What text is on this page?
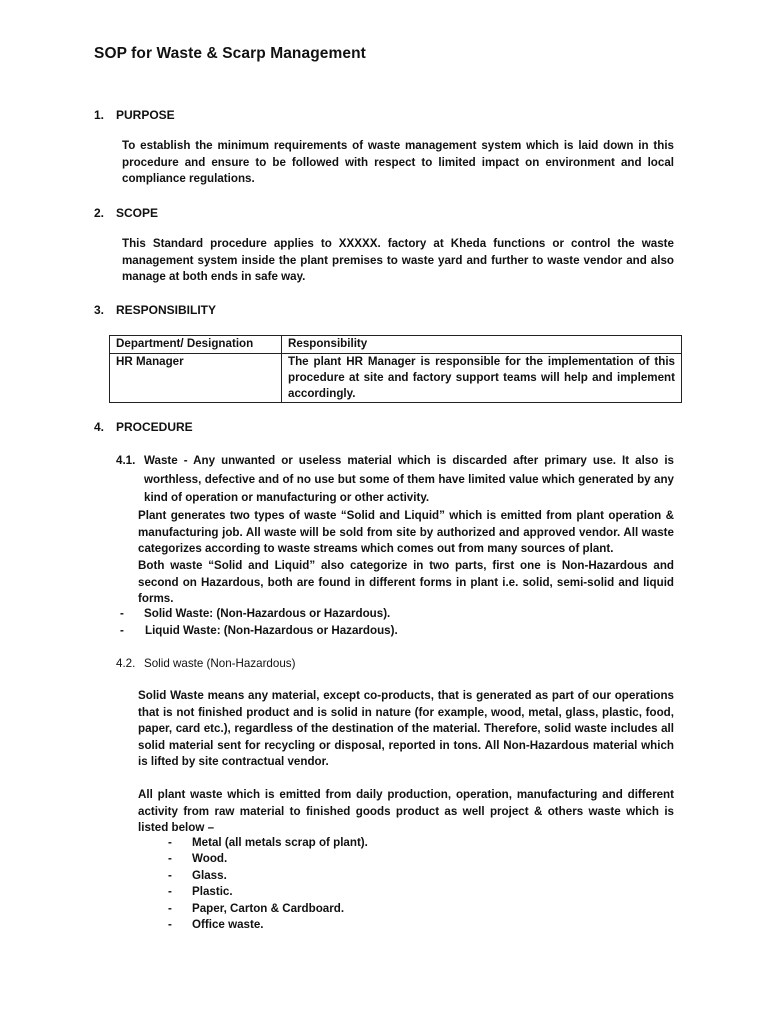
SOP for Waste & Scarp Management
1. PURPOSE
To establish the minimum requirements of waste management system which is laid down in this procedure and ensure to be followed with respect to limited impact on environment and local compliance regulations.
2. SCOPE
This Standard procedure applies to XXXXX. factory at Kheda functions or control the waste management system inside the plant premises to waste yard and further to waste vendor and also manage at both ends in safe way.
3. RESPONSIBILITY
Department/ Designation	Responsibility
HR Manager	The plant HR Manager is responsible for the implementation of this procedure at site and factory support teams will help and implement accordingly.
4. PROCEDURE
4.1. Waste - Any unwanted or useless material which is discarded after primary use. It also is worthless, defective and of no use but some of them have limited value which generated by any kind of operation or manufacturing or other activity.
Plant generates two types of waste “Solid and Liquid” which is emitted from plant operation & manufacturing job. All waste will be sold from site by authorized and approved vendor. All waste categorizes according to waste streams which comes out from many sources of plant.
Both waste “Solid and Liquid” also categorize in two parts, first one is Non-Hazardous and second on Hazardous, both are found in different forms in plant i.e. solid, semi-solid and liquid forms.
- Solid Waste: (Non-Hazardous or Hazardous).
- Liquid Waste: (Non-Hazardous or Hazardous).
4.2. Solid waste (Non-Hazardous)
Solid Waste means any material, except co-products, that is generated as part of our operations that is not finished product and is solid in nature (for example, wood, metal, glass, plastic, food, paper, card etc.), regardless of the destination of the material. Therefore, solid waste includes all solid material sent for recycling or disposal, reported in tons. All Non-Hazardous material which is lifted by site contractual vendor.
All plant waste which is emitted from daily production, operation, manufacturing and different activity from raw material to finished goods product as well project & others waste which is listed below –
- Metal (all metals scrap of plant).
- Wood.
- Glass.
- Plastic.
- Paper, Carton & Cardboard.
- Office waste.
